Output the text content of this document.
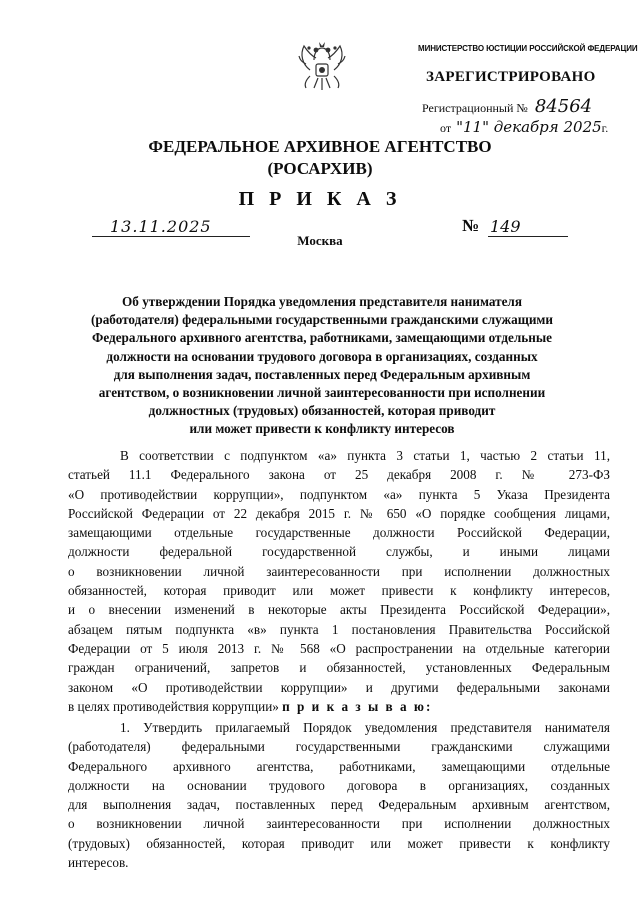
МИНИСТЕРСТВО ЮСТИЦИИ РОССИЙСКОЙ ФЕДЕРАЦИИ
ЗАРЕГИСТРИРОВАНО
Регистрационный № 84564
от "11" декабря 2025г.
ФЕДЕРАЛЬНОЕ АРХИВНОЕ АГЕНТСТВО
(РОСАРХИВ)
П Р И К А З
13.11.2025
Москва
№ 149
Об утверждении Порядка уведомления представителя нанимателя
(работодателя) федеральными государственными гражданскими служащими
Федерального архивного агентства, работниками, замещающими отдельные
должности на основании трудового договора в организациях, созданных
для выполнения задач, поставленных перед Федеральным архивным
агентством, о возникновении личной заинтересованности при исполнении
должностных (трудовых) обязанностей, которая приводит
или может привести к конфликту интересов
В соответствии с подпунктом «а» пункта 3 статьи 1, частью 2 статьи 11,
статьей 11.1 Федерального закона от 25 декабря 2008 г. № 273-ФЗ
«О противодействии коррупции», подпунктом «а» пункта 5 Указа Президента
Российской Федерации от 22 декабря 2015 г. № 650 «О порядке сообщения лицами,
замещающими отдельные государственные должности Российской Федерации,
должности федеральной государственной службы, и иными лицами
о возникновении личной заинтересованности при исполнении должностных
обязанностей, которая приводит или может привести к конфликту интересов,
и о внесении изменений в некоторые акты Президента Российской Федерации»,
абзацем пятым подпункта «в» пункта 1 постановления Правительства Российской
Федерации от 5 июля 2013 г. № 568 «О распространении на отдельные категории
граждан ограничений, запретов и обязанностей, установленных Федеральным
законом «О противодействии коррупции» и другими федеральными законами
в целях противодействия коррупции» п р и к а з ы в а ю:
1. Утвердить прилагаемый Порядок уведомления представителя нанимателя
(работодателя) федеральными государственными гражданскими служащими
Федерального архивного агентства, работниками, замещающими отдельные
должности на основании трудового договора в организациях, созданных
для выполнения задач, поставленных перед Федеральным архивным агентством,
о возникновении личной заинтересованности при исполнении должностных
(трудовых) обязанностей, которая приводит или может привести к конфликту
интересов.
